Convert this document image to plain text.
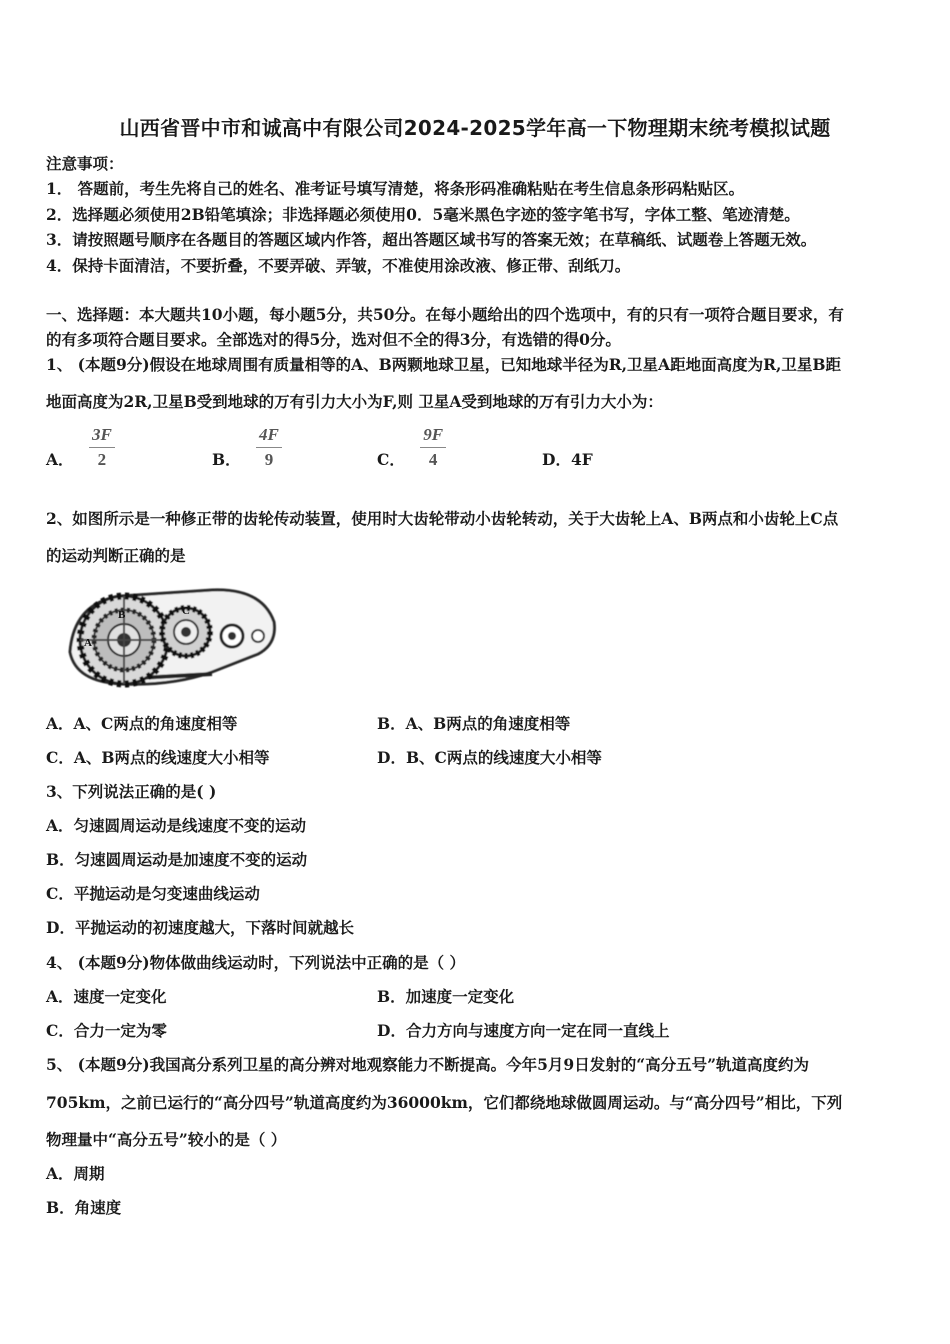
山西省晋中市和诚高中有限公司2024-2025学年高一下物理期末统考模拟试题
注意事项：
1． 答题前，考生先将自己的姓名、准考证号填写清楚，将条形码准确粘贴在考生信息条形码粘贴区。
2．选择题必须使用2B铅笔填涂；非选择题必须使用0．5毫米黑色字迹的签字笔书写，字体工整、笔迹清楚。
3．请按照题号顺序在各题目的答题区域内作答，超出答题区域书写的答案无效；在草稿纸、试题卷上答题无效。
4．保持卡面清洁，不要折叠，不要弄破、弄皱，不准使用涂改液、修正带、刮纸刀。
一、选择题：本大题共10小题，每小题5分，共50分。在每小题给出的四个选项中，有的只有一项符合题目要求，有
的有多项符合题目要求。全部选对的得5分，选对但不全的得3分，有选错的得0分。
1、 (本题9分)假设在地球周围有质量相等的A、B两颗地球卫星，已知地球半径为R,卫星A距地面高度为R,卫星B距
地面高度为2R,卫星B受到地球的万有引力大小为F,则 卫星A受到地球的万有引力大小为：
A． $\frac{3F}{2}$	B． $\frac{4F}{9}$	C． $\frac{9F}{4}$	D．4F
2、如图所示是一种修正带的齿轮传动装置，使用时大齿轮带动小齿轮转动，关于大齿轮上A、B两点和小齿轮上C点
的运动判断正确的是
A
B	C
A．A、C两点的角速度相等	B．A、B两点的角速度相等
C．A、B两点的线速度大小相等	D．B、C两点的线速度大小相等
3、下列说法正确的是( )
A．匀速圆周运动是线速度不变的运动
B．匀速圆周运动是加速度不变的运动
C．平抛运动是匀变速曲线运动
D．平抛运动的初速度越大，下落时间就越长
4、 (本题9分)物体做曲线运动时，下列说法中正确的是（ ）
A．速度一定变化	B．加速度一定变化
C．合力一定为零	D．合力方向与速度方向一定在同一直线上
5、 (本题9分)我国高分系列卫星的高分辨对地观察能力不断提高。今年5月9日发射的“高分五号”轨道高度约为
705km，之前已运行的“高分四号”轨道高度约为36000km，它们都绕地球做圆周运动。与“高分四号”相比，下列
物理量中“高分五号”较小的是（ ）
A．周期
B．角速度
